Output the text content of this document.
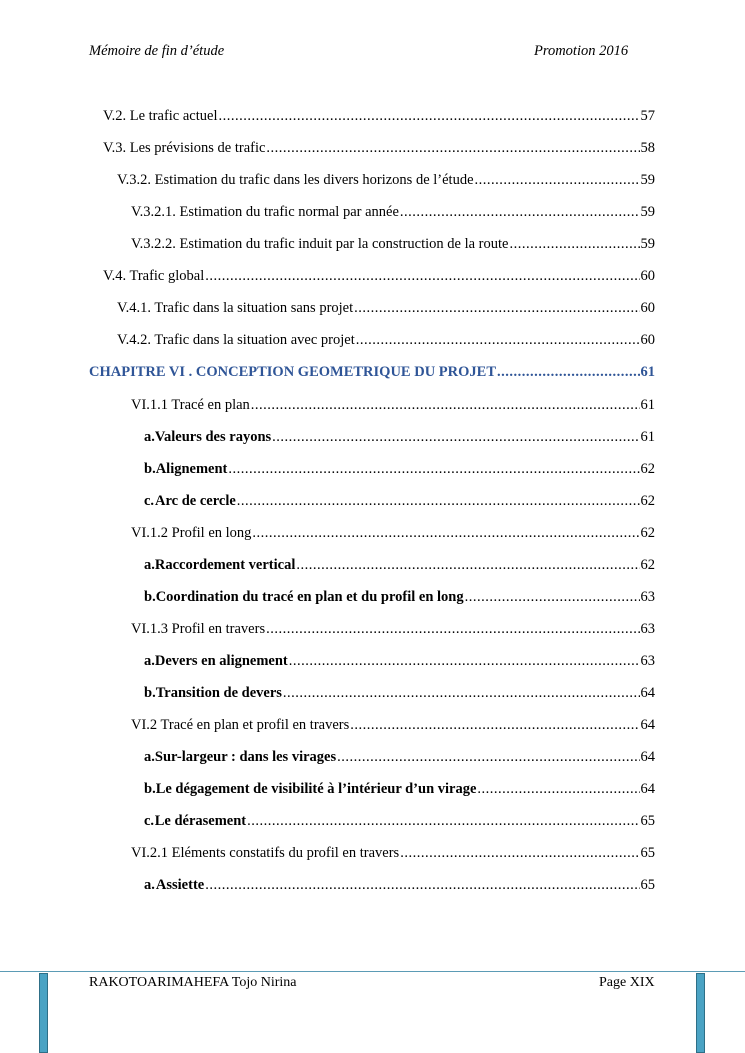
Mémoire de fin d’étude	Promotion 2016
V.2. Le trafic actuel .....	57
V.3. Les prévisions de trafic .....	58
V.3.2. Estimation du trafic dans les divers horizons de l’étude .....	59
V.3.2.1. Estimation du trafic normal par année .....	59
V.3.2.2. Estimation du trafic induit par la construction de la route .....	59
V.4. Trafic global .....	60
V.4.1. Trafic dans la situation sans projet .....	60
V.4.2. Trafic dans la situation avec projet .....	60
CHAPITRE VI . CONCEPTION GEOMETRIQUE DU PROJET .....	61
VI.1.1 Tracé en plan .....	61
a. Valeurs des rayons .....	61
b. Alignement .....	62
c. Arc de cercle .....	62
VI.1.2 Profil en long .....	62
a. Raccordement vertical .....	62
b. Coordination du tracé en plan et du profil en long .....	63
VI.1.3 Profil en travers .....	63
a. Devers en alignement .....	63
b. Transition de devers .....	64
VI.2 Tracé en plan et profil en travers .....	64
a. Sur-largeur : dans les virages .....	64
b. Le dégagement de visibilité à l’intérieur d’un virage .....	64
c. Le dérasement .....	65
VI.2.1 Eléments constatifs du profil en travers .....	65
a. Assiette .....	65
RAKOTOARIMAHEFA Tojo Nirina	Page XIX
